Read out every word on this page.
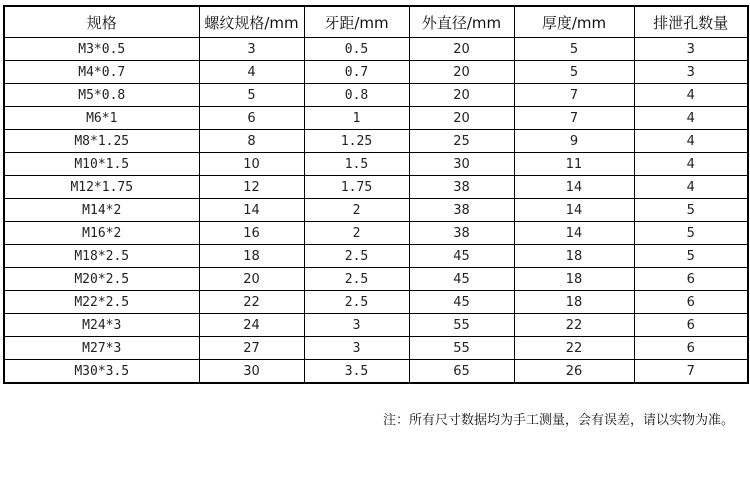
规格	螺纹规格/mm	牙距/mm	外直径/mm	厚度/mm	排泄孔数量
M3*0.5	3	0.5	20	5	3
M4*0.7	4	0.7	20	5	3
M5*0.8	5	0.8	20	7	4
M6*1	6	1	20	7	4
M8*1.25	8	1.25	25	9	4
M10*1.5	10	1.5	30	11	4
M12*1.75	12	1.75	38	14	4
M14*2	14	2	38	14	5
M16*2	16	2	38	14	5
M18*2.5	18	2.5	45	18	5
M20*2.5	20	2.5	45	18	6
M22*2.5	22	2.5	45	18	6
M24*3	24	3	55	22	6
M27*3	27	3	55	22	6
M30*3.5	30	3.5	65	26	7
注：所有尺寸数据均为手工测量，会有误差，请以实物为准。
